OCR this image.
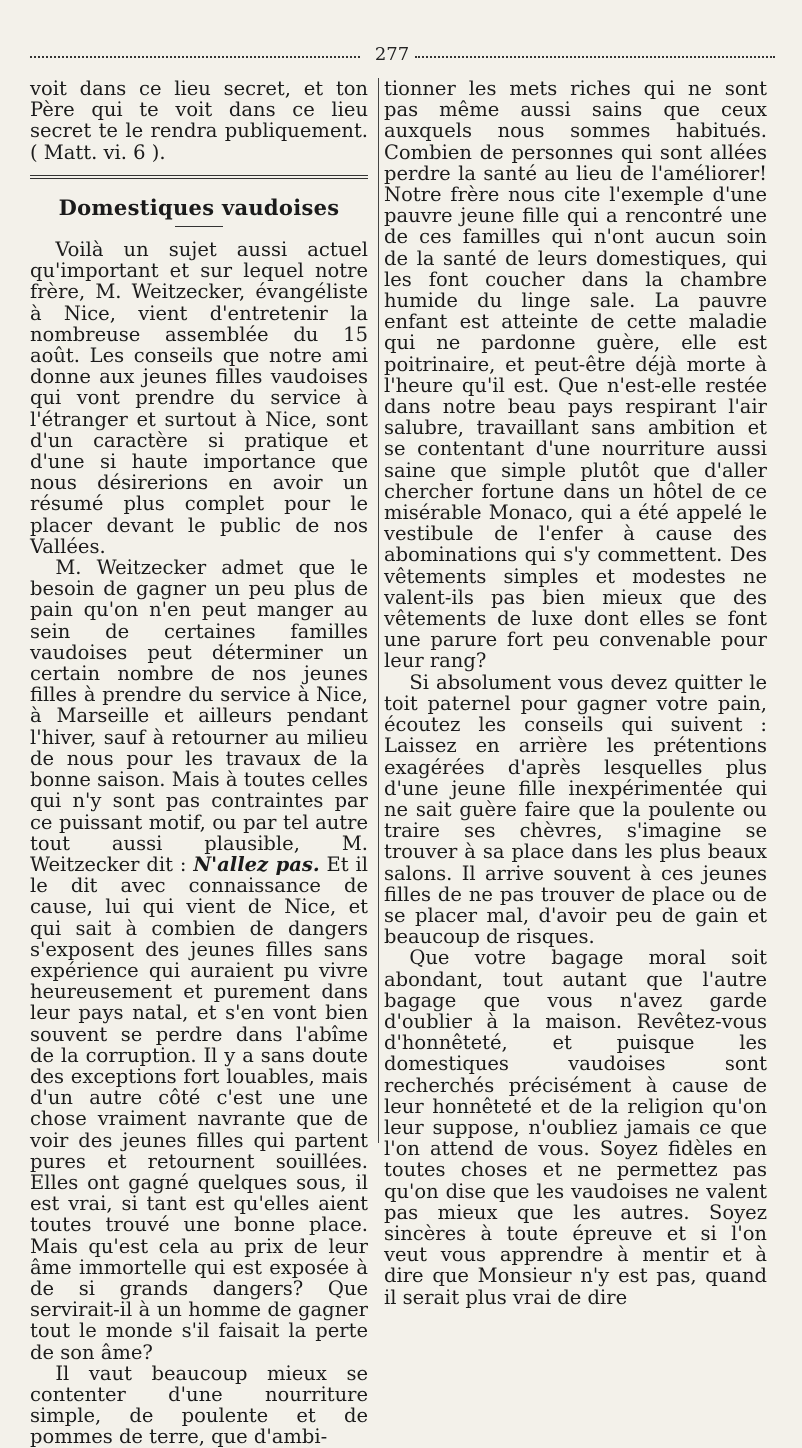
277

voit dans ce lieu secret, et ton Père qui te voit dans ce lieu secret te le rendra publiquement. ( Matt. vi. 6 ).

Domestiques vaudoises

Voilà un sujet aussi actuel qu'important et sur lequel notre frère, M. Weitzecker, évangéliste à Nice, vient d'entretenir la nombreuse assemblée du 15 août. Les conseils que notre ami donne aux jeunes filles vaudoises qui vont prendre du service à l'étranger et surtout à Nice, sont d'un caractère si pratique et d'une si haute importance que nous désirerions en avoir un résumé plus complet pour le placer devant le public de nos Vallées.

M. Weitzecker admet que le besoin de gagner un peu plus de pain qu'on n'en peut manger au sein de certaines familles vaudoises peut déterminer un certain nombre de nos jeunes filles à prendre du service à Nice, à Marseille et ailleurs pendant l'hiver, sauf à retourner au milieu de nous pour les travaux de la bonne saison. Mais à toutes celles qui n'y sont pas contraintes par ce puissant motif, ou par tel autre tout aussi plausible, M. Weitzecker dit : N'allez pas. Et il le dit avec connaissance de cause, lui qui vient de Nice, et qui sait à combien de dangers s'exposent des jeunes filles sans expérience qui auraient pu vivre heureusement et purement dans leur pays natal, et s'en vont bien souvent se perdre dans l'abîme de la corruption. Il y a sans doute des exceptions fort louables, mais d'un autre côté c'est une une chose vraiment navrante que de voir des jeunes filles qui partent pures et retournent souillées. Elles ont gagné quelques sous, il est vrai, si tant est qu'elles aient toutes trouvé une bonne place. Mais qu'est cela au prix de leur âme immortelle qui est exposée à de si grands dangers? Que servirait-il à un homme de gagner tout le monde s'il faisait la perte de son âme?

Il vaut beaucoup mieux se contenter d'une nourriture simple, de poulente et de pommes de terre, que d'ambi-

tionner les mets riches qui ne sont pas même aussi sains que ceux auxquels nous sommes habitués. Combien de personnes qui sont allées perdre la santé au lieu de l'améliorer! Notre frère nous cite l'exemple d'une pauvre jeune fille qui a rencontré une de ces familles qui n'ont aucun soin de la santé de leurs domestiques, qui les font coucher dans la chambre humide du linge sale. La pauvre enfant est atteinte de cette maladie qui ne pardonne guère, elle est poitrinaire, et peut-être déjà morte à l'heure qu'il est. Que n'est-elle restée dans notre beau pays respirant l'air salubre, travaillant sans ambition et se contentant d'une nourriture aussi saine que simple plutôt que d'aller chercher fortune dans un hôtel de ce misérable Monaco, qui a été appelé le vestibule de l'enfer à cause des abominations qui s'y commettent. Des vêtements simples et modestes ne valent-ils pas bien mieux que des vêtements de luxe dont elles se font une parure fort peu convenable pour leur rang?

Si absolument vous devez quitter le toit paternel pour gagner votre pain, écoutez les conseils qui suivent : Laissez en arrière les prétentions exagérées d'après lesquelles plus d'une jeune fille inexpérimentée qui ne sait guère faire que la poulente ou traire ses chèvres, s'imagine se trouver à sa place dans les plus beaux salons. Il arrive souvent à ces jeunes filles de ne pas trouver de place ou de se placer mal, d'avoir peu de gain et beaucoup de risques.

Que votre bagage moral soit abondant, tout autant que l'autre bagage que vous n'avez garde d'oublier à la maison. Revêtez-vous d'honnêteté, et puisque les domestiques vaudoises sont recherchés précisément à cause de leur honnêteté et de la religion qu'on leur suppose, n'oubliez jamais ce que l'on attend de vous. Soyez fidèles en toutes choses et ne permettez pas qu'on dise que les vaudoises ne valent pas mieux que les autres. Soyez sincères à toute épreuve et si l'on veut vous apprendre à mentir et à dire que Monsieur n'y est pas, quand il serait plus vrai de dire
